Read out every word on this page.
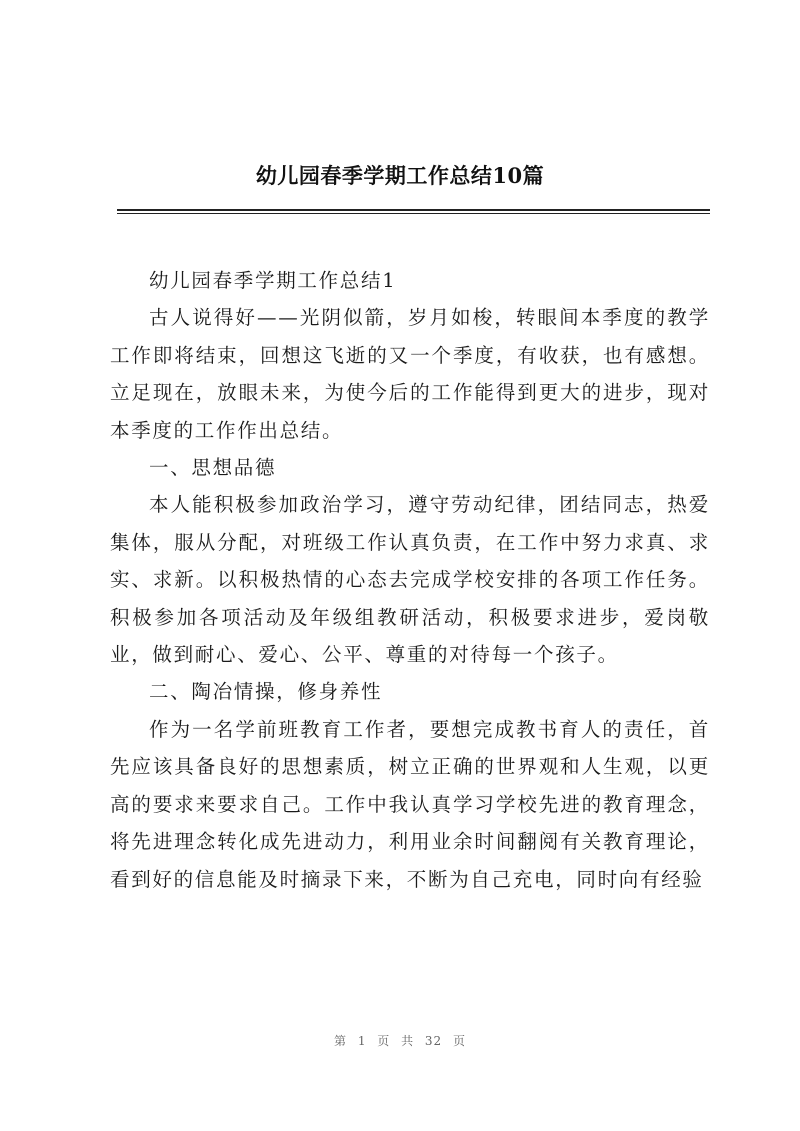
幼儿园春季学期工作总结10篇

幼儿园春季学期工作总结1

古人说得好——光阴似箭，岁月如梭，转眼间本季度的教学工作即将结束，回想这飞逝的又一个季度，有收获，也有感想。立足现在，放眼未来，为使今后的工作能得到更大的进步，现对本季度的工作作出总结。

一、思想品德

本人能积极参加政治学习，遵守劳动纪律，团结同志，热爱集体，服从分配，对班级工作认真负责，在工作中努力求真、求实、求新。以积极热情的心态去完成学校安排的各项工作任务。积极参加各项活动及年级组教研活动，积极要求进步，爱岗敬业，做到耐心、爱心、公平、尊重的对待每一个孩子。

二、陶冶情操，修身养性

作为一名学前班教育工作者，要想完成教书育人的责任，首先应该具备良好的思想素质，树立正确的世界观和人生观，以更高的要求来要求自己。工作中我认真学习学校先进的教育理念，将先进理念转化成先进动力，利用业余时间翻阅有关教育理论，看到好的信息能及时摘录下来，不断为自己充电，同时向有经验

第 1 页 共 32 页
